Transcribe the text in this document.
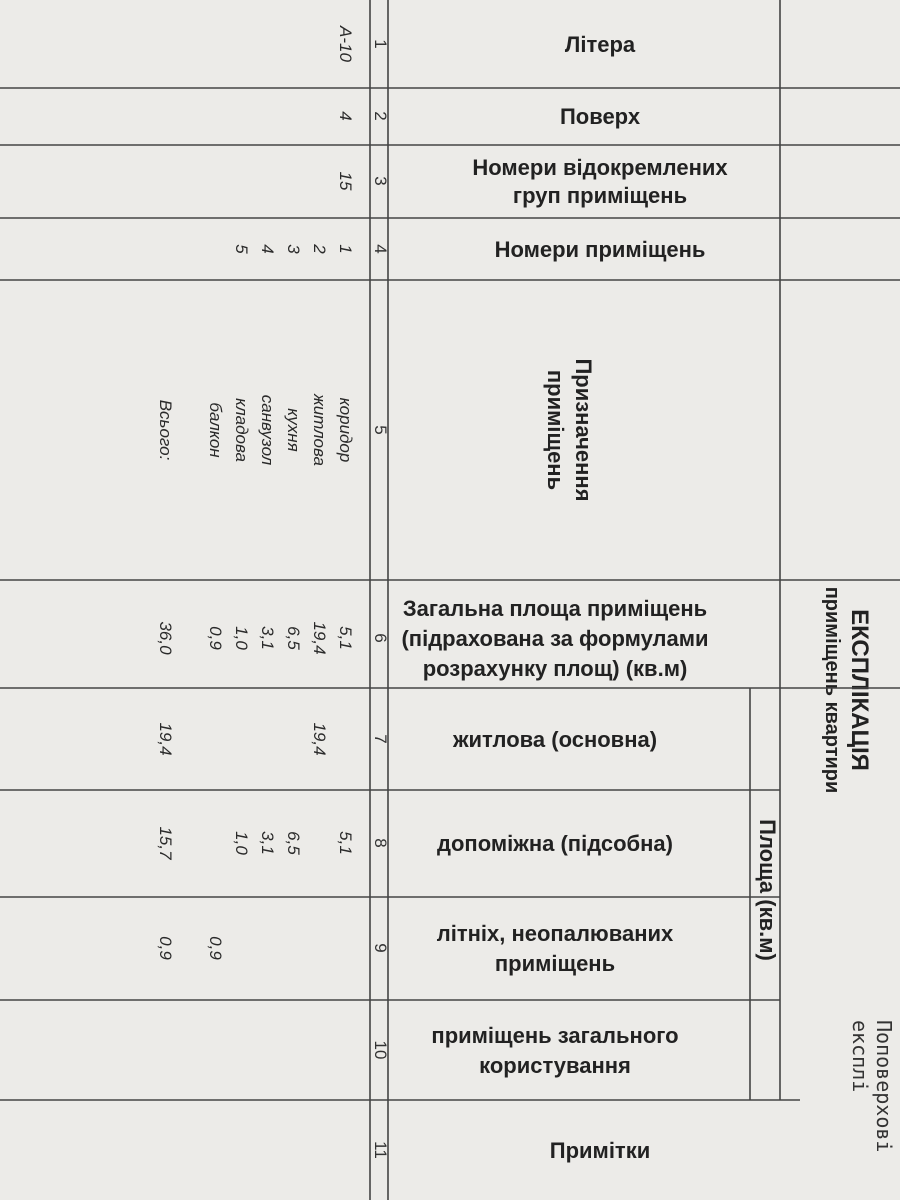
ЕКСПЛІКАЦІЯ
приміщень квартири
Площа (кв.м)
Літера
Поверх
Номери відокремлених
груп приміщень
Номери приміщень
Призначення
приміщень
Загальна площа приміщень
(підрахована за формулами
розрахунку площ) (кв.м)
житлова (основна)
допоміжна (підсобна)
літніх, неопалюваних
приміщень
приміщень загального
користування
Примітки
1
2
3
4
5
6
7
8
9
10
11
А-10
4
15
1
коридор
5,1
5,1
2
житлова
19,4
19,4
3
кухня
6,5
6,5
4
санвузол
3,1
3,1
5
кладова
1,0
1,0
балкон
0,9
0,9
Всього:
36,0
19,4
15,7
0,9
Поповерхові
експлі
